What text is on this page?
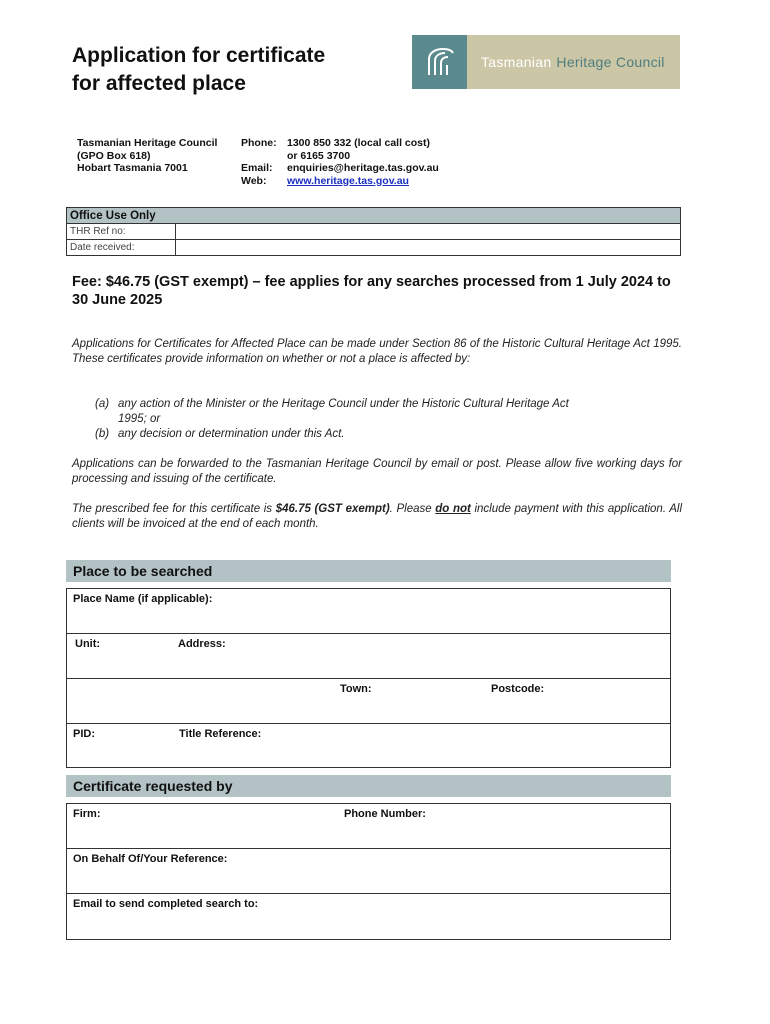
Application for certificate
for affected place
Tasmanian Heritage Council
Tasmanian Heritage Council
(GPO Box 618)
Hobart Tasmania 7001
Phone: 1300 850 332 (local call cost)
or 6165 3700
Email: enquiries@heritage.tas.gov.au
Web: www.heritage.tas.gov.au
Office Use Only	
THR Ref no:	
Date received:	
Fee: $46.75 (GST exempt) – fee applies for any searches processed from 1 July 2024 to 30 June 2025
Applications for Certificates for Affected Place can be made under Section 86 of the Historic Cultural Heritage Act 1995. These certificates provide information on whether or not a place is affected by:
(a) any action of the Minister or the Heritage Council under the Historic Cultural Heritage Act
1995; or
(b) any decision or determination under this Act.
Applications can be forwarded to the Tasmanian Heritage Council by email or post. Please allow five working days for processing and issuing of the certificate.
The prescribed fee for this certificate is $46.75 (GST exempt). Please do not include payment with this application. All clients will be invoiced at the end of each month.
Place to be searched
Place Name (if applicable):
Unit:	Address:
Town:	Postcode:
PID:	Title Reference:
Certificate requested by
Firm:	Phone Number:
On Behalf Of/Your Reference:
Email to send completed search to:
